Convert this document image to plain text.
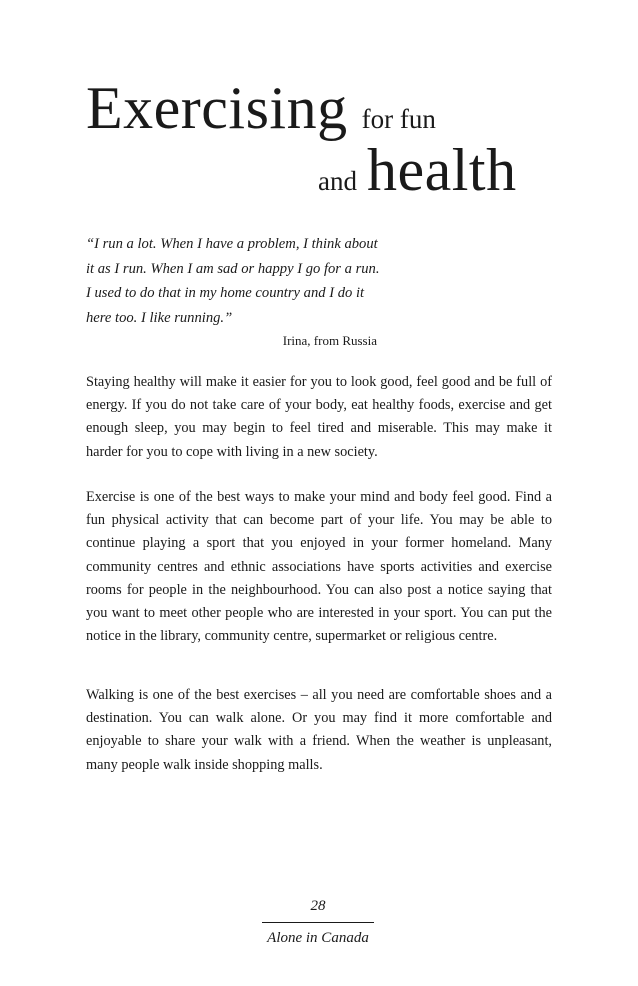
Exercising for fun
and health

“I run a lot. When I have a problem, I think about it as I run. When I am sad or happy I go for a run. I used to do that in my home country and I do it here too. I like running.”

Irina, from Russia

Staying healthy will make it easier for you to look good, feel good and be full of energy. If you do not take care of your body, eat healthy foods, exercise and get enough sleep, you may begin to feel tired and miserable. This may make it harder for you to cope with living in a new society.

Exercise is one of the best ways to make your mind and body feel good. Find a fun physical activity that can become part of your life. You may be able to continue playing a sport that you enjoyed in your former homeland. Many community centres and ethnic associations have sports activities and exercise rooms for people in the neighbourhood. You can also post a notice saying that you want to meet other people who are interested in your sport. You can put the notice in the library, community centre, supermarket or religious centre.

Walking is one of the best exercises – all you need are comfortable shoes and a destination. You can walk alone. Or you may find it more comfortable and enjoyable to share your walk with a friend. When the weather is unpleasant, many people walk inside shopping malls.

28
Alone in Canada
